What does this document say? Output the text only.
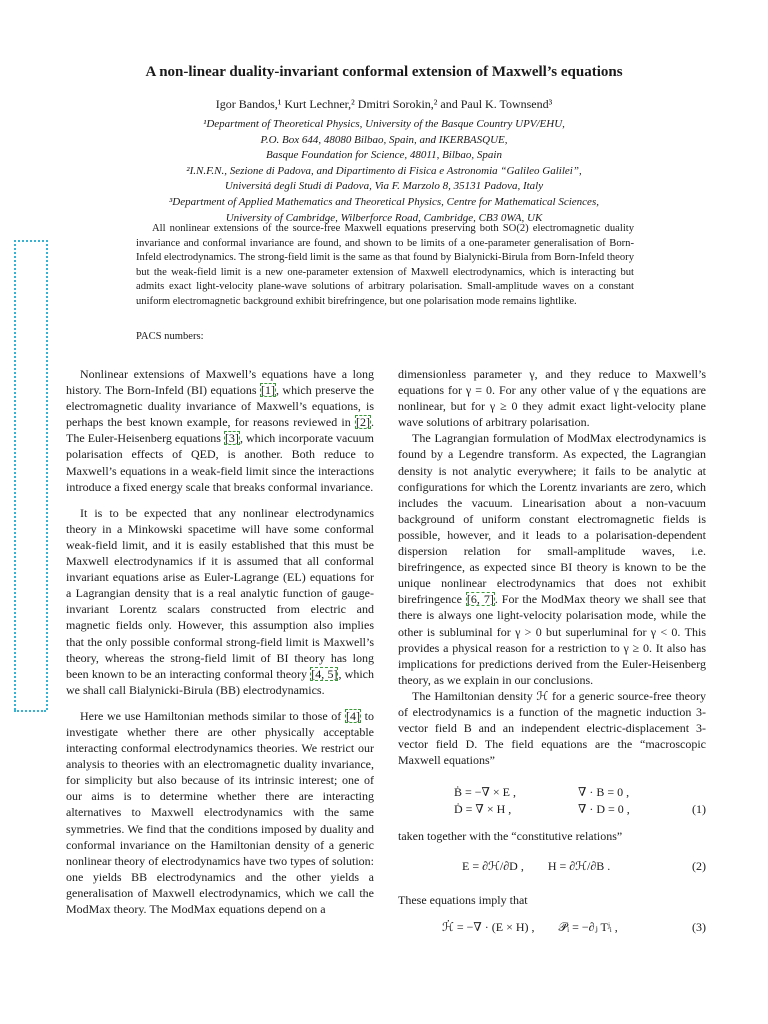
A non-linear duality-invariant conformal extension of Maxwell’s equations
Igor Bandos,¹ Kurt Lechner,² Dmitri Sorokin,² and Paul K. Townsend³
¹Department of Theoretical Physics, University of the Basque Country UPV/EHU,
P.O. Box 644, 48080 Bilbao, Spain, and IKERBASQUE,
Basque Foundation for Science, 48011, Bilbao, Spain
²I.N.F.N., Sezione di Padova, and Dipartimento di Fisica e Astronomia “Galileo Galilei”,
Universitá degli Studi di Padova, Via F. Marzolo 8, 35131 Padova, Italy
³Department of Applied Mathematics and Theoretical Physics, Centre for Mathematical Sciences,
University of Cambridge, Wilberforce Road, Cambridge, CB3 0WA, UK
All nonlinear extensions of the source-free Maxwell equations preserving both SO(2) electromagnetic duality invariance and conformal invariance are found, and shown to be limits of a one-parameter generalisation of Born-Infeld electrodynamics. The strong-field limit is the same as that found by Bialynicki-Birula from Born-Infeld theory but the weak-field limit is a new one-parameter extension of Maxwell electrodynamics, which is interacting but admits exact light-velocity plane-wave solutions of arbitrary polarisation. Small-amplitude waves on a constant uniform electromagnetic background exhibit birefringence, but one polarisation mode remains lightlike.
PACS numbers:

Nonlinear extensions of Maxwell’s equations have a long history. The Born-Infeld (BI) equations [1], which preserve the electromagnetic duality invariance of Maxwell’s equations, is perhaps the best known example, for reasons reviewed in [2]. The Euler-Heisenberg equations [3], which incorporate vacuum polarisation effects of QED, is another. Both reduce to Maxwell’s equations in a weak-field limit since the interactions introduce a fixed energy scale that breaks conformal invariance.

It is to be expected that any nonlinear electrodynamics theory in a Minkowski spacetime will have some conformal weak-field limit, and it is easily established that this must be Maxwell electrodynamics if it is assumed that all conformal invariant equations arise as Euler-Lagrange (EL) equations for a Lagrangian density that is a real analytic function of gauge-invariant Lorentz scalars constructed from electric and magnetic fields only. However, this assumption also implies that the only possible conformal strong-field limit is Maxwell’s theory, whereas the strong-field limit of BI theory has long been known to be an interacting conformal theory [4, 5], which we shall call Bialynicki-Birula (BB) electrodynamics.

Here we use Hamiltonian methods similar to those of [4] to investigate whether there are other physically acceptable interacting conformal electrodynamics theories. We restrict our analysis to theories with an electromagnetic duality invariance, for simplicity but also because of its intrinsic interest; one of our aims is to determine whether there are interacting alternatives to Maxwell electrodynamics with the same symmetries. We find that the conditions imposed by duality and conformal invariance on the Hamiltonian density of a generic nonlinear theory of electrodynamics have two types of solution: one yields BB electrodynamics and the other yields a generalisation of Maxwell electrodynamics, which we call the ModMax theory. The ModMax equations depend on a

dimensionless parameter γ, and they reduce to Maxwell’s equations for γ = 0. For any other value of γ the equations are nonlinear, but for γ ≥ 0 they admit exact light-velocity plane wave solutions of arbitrary polarisation.

The Lagrangian formulation of ModMax electrodynamics is found by a Legendre transform. As expected, the Lagrangian density is not analytic everywhere; it fails to be analytic at configurations for which the Lorentz invariants are zero, which includes the vacuum. Linearisation about a non-vacuum background of uniform constant electromagnetic fields is possible, however, and it leads to a polarisation-dependent dispersion relation for small-amplitude waves, i.e. birefringence, as expected since BI theory is known to be the unique nonlinear electrodynamics that does not exhibit birefringence [6, 7]. For the ModMax theory we shall see that there is always one light-velocity polarisation mode, while the other is subluminal for γ > 0 but superluminal for γ < 0. This provides a physical reason for a restriction to γ ≥ 0. It also has implications for predictions derived from the Euler-Heisenberg theory, as we explain in our conclusions.

The Hamiltonian density ℋ for a generic source-free theory of electrodynamics is a function of the magnetic induction 3-vector field B and an independent electric-displacement 3-vector field D. The field equations are the “macroscopic Maxwell equations”

Ḃ = −∇ × E ,	∇ · B = 0 ,
Ḋ = ∇ × H ,	∇ · D = 0 ,	(1)

taken together with the “constitutive relations”

E = ∂ℋ/∂D ,        H = ∂ℋ/∂B .	(2)

These equations imply that

ℋ̇ = −∇ · (E × H) ,        𝒫̇ᵢ = −∂ⱼ Tʲᵢ ,	(3)
